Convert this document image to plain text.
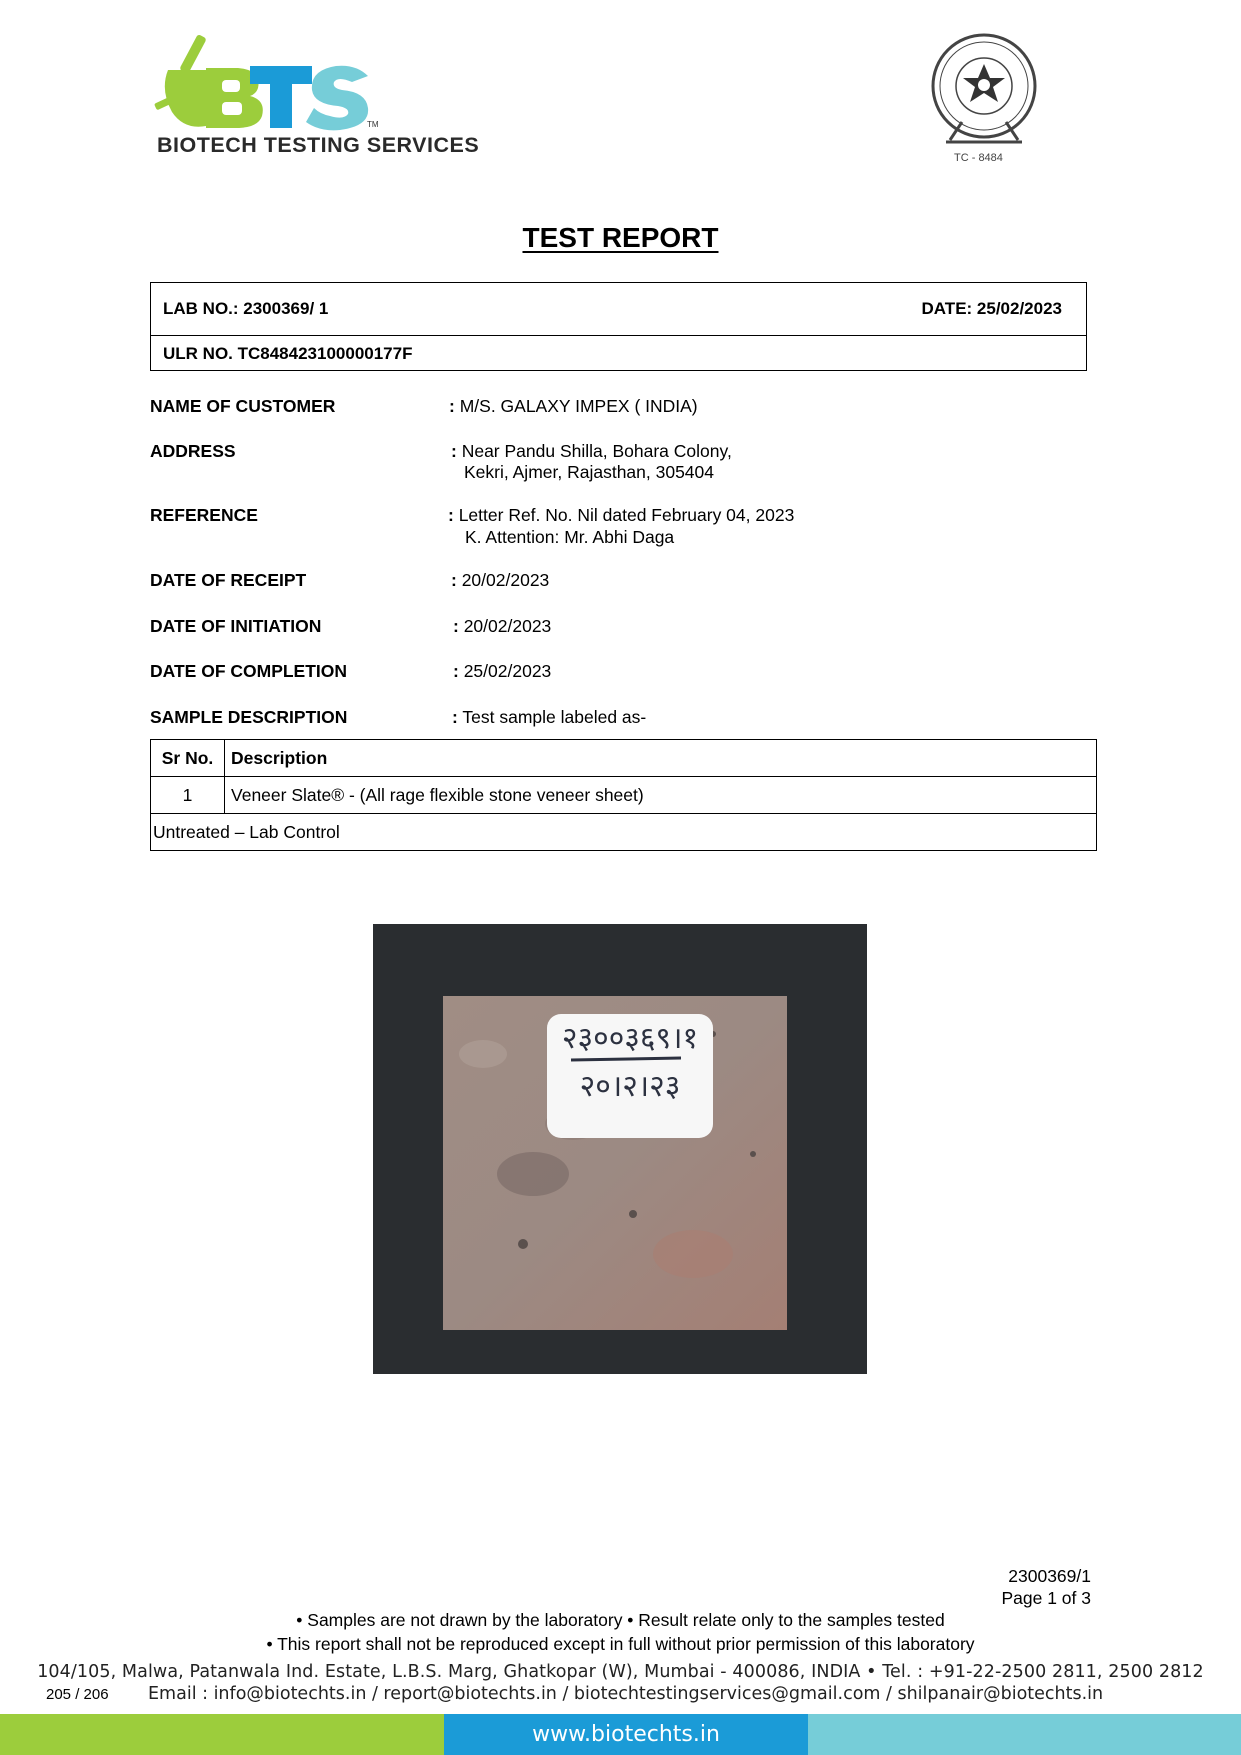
TM
BIOTECH TESTING SERVICES
TC - 8484
TEST REPORT
LAB NO.: 2300369/ 1	DATE: 25/02/2023
ULR NO. TC848423100000177F
NAME OF CUSTOMER	: M/S. GALAXY IMPEX ( INDIA)
ADDRESS	: Near Pandu Shilla, Bohara Colony,
Kekri, Ajmer, Rajasthan, 305404
REFERENCE	: Letter Ref. No. Nil dated February 04, 2023
K. Attention: Mr. Abhi Daga
DATE OF RECEIPT	: 20/02/2023
DATE OF INITIATION	: 20/02/2023
DATE OF COMPLETION	: 25/02/2023
SAMPLE DESCRIPTION	: Test sample labeled as-
Sr No.	Description
1	Veneer Slate® - (All rage flexible stone veneer sheet)
Untreated – Lab Control	
२३००३६९।१
२०।२।२३
2300369/1
Page 1 of 3
• Samples are not drawn by the laboratory • Result relate only to the samples tested
• This report shall not be reproduced except in full without prior permission of this laboratory
104/105, Malwa, Patanwala Ind. Estate, L.B.S. Marg, Ghatkopar (W), Mumbai - 400086, INDIA • Tel. : +91-22-2500 2811, 2500 2812
205 / 206 Email : info@biotechts.in / report@biotechts.in / biotechtestingservices@gmail.com / shilpanair@biotechts.in
www.biotechts.in
